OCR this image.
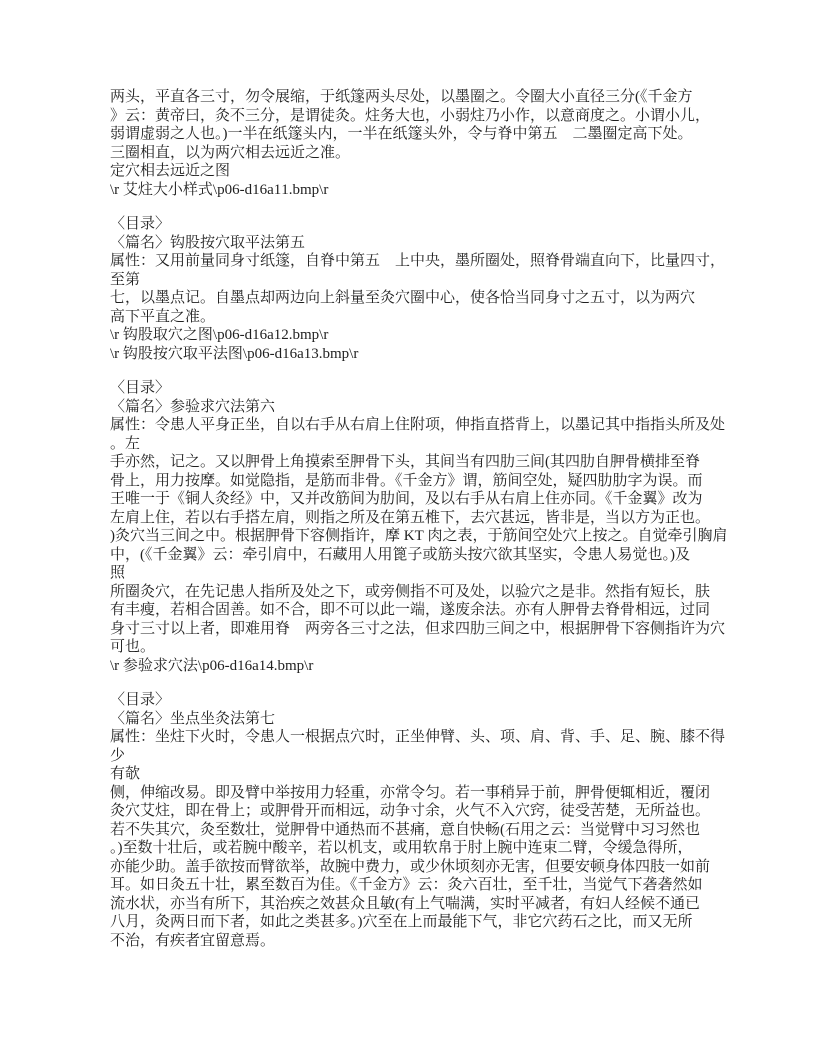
两头，平直各三寸，勿令展缩，于纸篴两头尽处，以墨圈之。令圈大小直径三分(《千金方
》云：黄帝曰，灸不三分，是谓徒灸。炷务大也，小弱炷乃小作，以意商度之。小谓小儿，
弱谓虚弱之人也。)一半在纸篴头内，一半在纸篴头外，令与脊中第五　二墨圈定高下处。
三圈相直，以为两穴相去远近之准。
定穴相去远近之图
\r 艾炷大小样式\p06-d16a11.bmp\r
〈目录〉
〈篇名〉钩股按穴取平法第五
属性：又用前量同身寸纸篴，自脊中第五　上中央，墨所圈处，照脊骨端直向下，比量四寸，
至第
七，以墨点记。自墨点却两边向上斜量至灸穴圈中心，使各恰当同身寸之五寸，以为两穴
高下平直之准。
\r 钩股取穴之图\p06-d16a12.bmp\r
\r 钩股按穴取平法图\p06-d16a13.bmp\r
〈目录〉
〈篇名〉参验求穴法第六
属性：令患人平身正坐，自以右手从右肩上住附项，伸指直搭背上，以墨记其中指指头所及处
。左
手亦然，记之。又以胛骨上角摸索至胛骨下头，其间当有四肋三间(其四肋自胛骨横排至脊
骨上，用力按摩。如觉隐指，是筋而非骨。《千金方》谓，筋间空处，疑四肋肋字为误。而
王唯一于《铜人灸经》中，又并改筋间为肋间，及以右手从右肩上住亦同。《千金翼》改为
左肩上住，若以右手搭左肩，则指之所及在第五椎下，去穴甚远，皆非是，当以方为正也。
)灸穴当三间之中。根据胛骨下容侧指许，摩 KT 肉之表，于筋间空处穴上按之。自觉牵引胸肩
中，(《千金翼》云：牵引肩中，石藏用人用篦子或筋头按穴欲其坚实，令患人易觉也。)及
照
所圈灸穴，在先记患人指所及处之下，或旁侧指不可及处，以验穴之是非。然指有短长，肤
有丰瘦，若相合固善。如不合，即不可以此一端，遂废余法。亦有人胛骨去脊骨相远，过同
身寸三寸以上者，即难用脊　两旁各三寸之法，但求四肋三间之中，根据胛骨下容侧指许为穴
可也。
\r 参验求穴法\p06-d16a14.bmp\r
〈目录〉
〈篇名〉坐点坐灸法第七
属性：坐炷下火时，令患人一根据点穴时，正坐伸臂、头、项、肩、背、手、足、腕、膝不得
少
有欹
侧，伸缩改易。即及臂中举按用力轻重，亦常令匀。若一事稍异于前，胛骨便辄相近，覆闭
灸穴艾炷，即在骨上；或胛骨开而相远，动争寸余，火气不入穴窍，徒受苦楚，无所益也。
若不失其穴，灸至数壮，觉胛骨中通热而不甚痛，意自快畅(石用之云：当觉臂中习习然也
。)至数十壮后，或若腕中酸辛，若以机支，或用软帛于肘上腕中连束二臂，令缓急得所，
亦能少助。盖手欲按而臂欲举，故腕中费力，或少休顷刻亦无害，但要安顿身体四肢一如前
耳。如日灸五十壮，累至数百为佳。《千金方》云：灸六百壮，至千壮，当觉气下砻砻然如
流水状，亦当有所下，其治疾之效甚众且敏(有上气喘满，实时平减者，有妇人经候不通已
八月，灸两日而下者，如此之类甚多。)穴至在上而最能下气，非它穴药石之比，而又无所
不治，有疾者宜留意焉。
